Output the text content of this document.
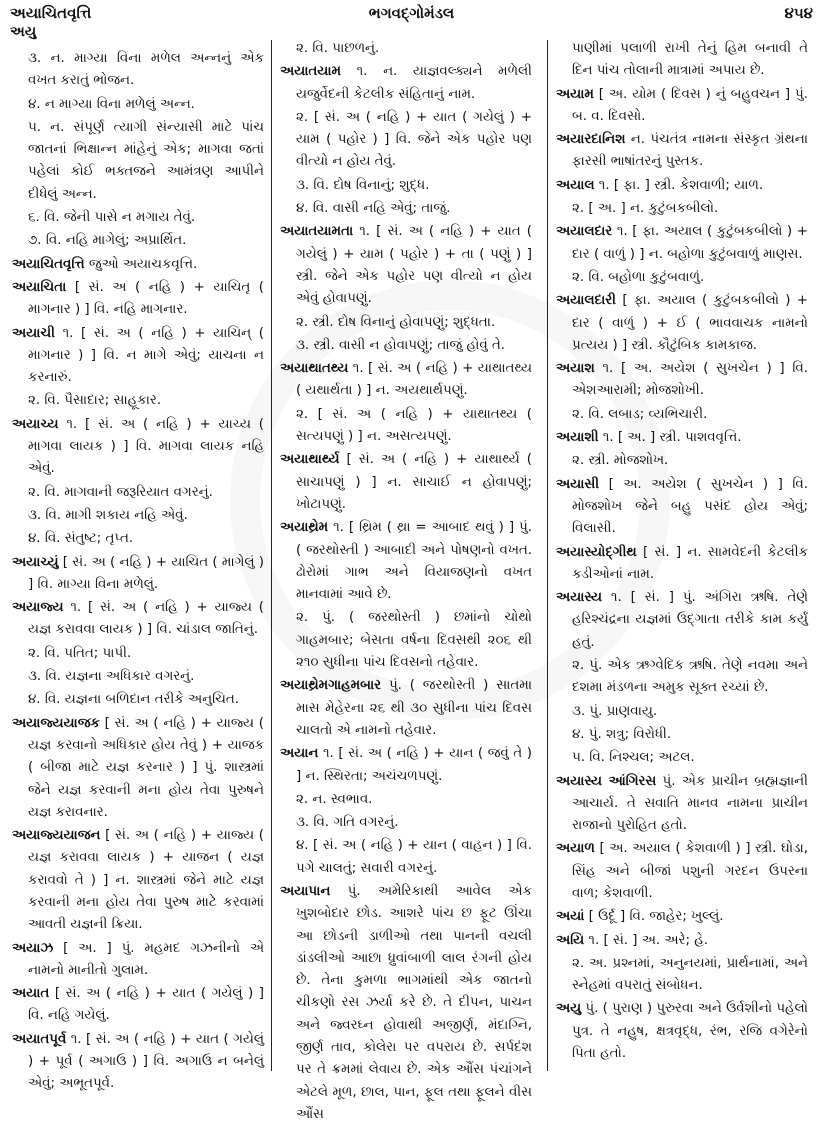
અયાચિતવૃત્તિ	ભગવદ્ગોમંડલ	૪૫૪
અયુ
૩. ન. માગ્યા વિના મળેલ અન્નનું એક વખત કરાતું ભોજન.
૪. ન માગ્યા વિના મળેલું અન્ન.
૫. ન. સંપૂર્ણ ત્યાગી સંન્યાસી માટે પાંચ જાતનાં ભિક્ષાન્ન માંહેનું એક; માગવા જતાં પહેલાં કોઈ ભક્તજને આમંત્રણ આપીને દીધેલું અન્ન.
૬. વિ. જેની પાસે ન મગાય તેવું.
૭. વિ. નહિ માગેલું; અપ્રાર્થિત.
અયાચિતવૃત્તિ જુઓ અયાચકવૃત્તિ.
અયાચિતા [ સં. અ ( નહિ ) + યાચિતૃ ( માગનાર ) ] વિ. નહિ માગનાર.
અયાચી ૧. [ સં. અ ( નહિ ) + યાચિન્ ( માગનાર ) ] વિ. ન માગે એવું; યાચના ન કરનારું.
૨. વિ. પૈસાદાર; સાહૂકાર.
અયાચ્ય ૧. [ સં. અ ( નહિ ) + યાચ્ય ( માગવા લાયક ) ] વિ. માગવા લાયક નહિ એવું.
૨. વિ. માગવાની જરૂરિયાત વગરનું.
૩. વિ. માગી શકાય નહિ એવું.
૪. વિ. સંતુષ્ટ; તૃપ્ત.
અયાચ્યું [ સં. અ ( નહિ ) + યાચિત ( માગેલું ) ] વિ. માગ્યા વિના મળેલું.
અયાજ્ય ૧. [ સં. અ ( નહિ ) + યાજ્ય ( યજ્ઞ કરાવવા લાયક ) ] વિ. ચાંડાલ જાતિનું.
૨. વિ. પતિત; પાપી.
૩. વિ. યજ્ઞના અધિકાર વગરનું.
૪. વિ. યજ્ઞના બળિદાન તરીકે અનુચિત.
અયાજ્યયાજક [ સં. અ ( નહિ ) + યાજ્ય ( યજ્ઞ કરવાનો અધિકાર હોય તેવું ) + યાજક ( બીજા માટે યજ્ઞ કરનાર ) ] પું. શાસ્ત્રમાં જેને યજ્ઞ કરવાની મના હોય તેવા પુરુષને યજ્ઞ કરાવનાર.
અયાજ્યયાજન [ સં. અ ( નહિ ) + યાજ્ય ( યજ્ઞ કરાવવા લાયક ) + યાજન ( યજ્ઞ કરાવવો તે ) ] ન. શાસ્ત્રમાં જેને માટે યજ્ઞ કરવાની મના હોય તેવા પુરુષ માટે કરવામાં આવતી યજ્ઞની ક્રિયા.
અયાઝ [ અ. ] પું. મહમદ ગઝનીનો એ નામનો માનીતો ગુલામ.
અયાત [ સં. અ ( નહિ ) + યાત ( ગયેલું ) ] વિ. નહિ ગયેલું.
અયાતપૂર્વ ૧. [ સં. અ ( નહિ ) + યાત ( ગયેલું ) + પૂર્વ ( અગાઉ ) ] વિ. અગાઉ ન બનેલું એવું; અભૂતપૂર્વ.
૨. વિ. પાછળનું.
અયાતયામ ૧. ન. યાજ્ઞવલ્ક્યને મળેલી યજુર્વેદની કેટલીક સંહિતાનું નામ.
૨. [ સં. અ ( નહિ ) + યાત ( ગયેલું ) + યામ ( પહોર ) ] વિ. જેને એક પહોર પણ વીત્યો ન હોય તેવું.
૩. વિ. દોષ વિનાનું; શુદ્ધ.
૪. વિ. વાસી નહિ એવું; તાજું.
અયાતયામતા ૧. [ સં. અ ( નહિ ) + યાત ( ગયેલું ) + યામ ( પહોર ) + તા ( પણું ) ] સ્ત્રી. જેને એક પહોર પણ વીત્યો ન હોય એવું હોવાપણું.
૨. સ્ત્રી. દોષ વિનાનું હોવાપણું; શુદ્ધતા.
૩. સ્ત્રી. વાસી ન હોવાપણું; તાજું હોવું તે.
અયાથાતથ્ય ૧. [ સં. અ ( નહિ ) + યાથાતથ્ય ( યથાર્થતા ) ] ન. અયથાર્થપણું.
૨. [ સં. અ ( નહિ ) + યાથાતથ્ય ( સત્યપણું ) ] ન. અસત્યપણું.
અયાથાર્થ્ય [ સં. અ ( નહિ ) + યાથાર્થ્ય ( સાચાપણું ) ] ન. સાચાઈ ન હોવાપણું; ખોટાપણું.
અયાથ્રેમ ૧. [ થ્રિમ ( થ્રા = આબાદ થવું ) ] પું. ( જરથોસ્તી ) આબાદી અને પોષણનો વખત. ઢોરોમાં ગાભ અને વિયાજણનો વખત માનવામાં આવે છે.
૨. પું. ( જરથોસ્તી ) છમાંનો ચોથો ગાહમબાર; બેસતા વર્ષના દિવસથી ૨૦૬ થી ૨૧૦ સુધીના પાંચ દિવસનો તહેવાર.
અયાથ્રેમગાહમબાર પું. ( જરથોસ્તી ) સાતમા માસ મેહેરના ૨૬ થી ૩૦ સુધીના પાંચ દિવસ ચાલતો એ નામનો તહેવાર.
અયાન ૧. [ સં. અ ( નહિ ) + યાન ( જવું તે ) ] ન. સ્થિરતા; અચંચળપણું.
૨. ન. સ્વભાવ.
૩. વિ. ગતિ વગરનું.
૪. [ સં. અ ( નહિ ) + યાન ( વાહન ) ] વિ. પગે ચાલતું; સવારી વગરનું.
અયાપાન પું. અમેરિકાથી આવેલ એક ખુશબોદાર છોડ. આશરે પાંચ છ ફૂટ ઊંચા આ છોડની ડાળીઓ તથા પાનની વચલી ડાંડલીઓ આછા ધ્રુવાંબાળી લાલ રંગની હોય છે. તેના કુમળા ભાગમાંથી એક જાતનો ચીકણો રસ ઝર્યા કરે છે. તે દીપન, પાચન અને જ્વરઘ્ન હોવાથી અજીર્ણ, મંદાગ્નિ, જીર્ણ તાવ, કોલેરા પર વપરાય છે. સર્પદંશ પર તે ક્રમમાં લેવાય છે. એક ઔંસ પંચાંગને એટલે મૂળ, છાલ, પાન, ફૂલ તથા ફૂલને વીસ ઔંસ
પાણીમાં પલાળી રાખી તેનું હિમ બનાવી તે દિન પાંચ તોલાની માત્રામાં અપાય છે.
અયામ [ અ. યોમ ( દિવસ ) નું બહુવચન ] પું. બ. વ. દિવસો.
અયારદાનિશ ન. પંચતંત્ર નામના સંસ્કૃત ગ્રંથના ફારસી ભાષાંતરનું પુસ્તક.
અયાલ ૧. [ ફા. ] સ્ત્રી. કેશવાળી; યાળ.
૨. [ અ. ] ન. કુટુંબકબીલો.
અયાલદાર ૧. [ ફા. અયાલ ( કુટુંબકબીલો ) + દાર ( વાળું ) ] ન. બહોળા કુટુંબવાળું માણસ.
૨. વિ. બહોળા કુટુંબવાળું.
અયાલદારી [ ફા. અયાલ ( કુટુંબકબીલો ) + દાર ( વાળું ) + ઈ ( ભાવવાચક નામનો પ્રત્યય ) ] સ્ત્રી. કૌટુંબિક કામકાજ.
અયાશ ૧. [ અ. અયેશ ( સુખચેન ) ] વિ. એશઆરામી; મોજશોખી.
૨. વિ. લબાડ; વ્યભિચારી.
અયાશી ૧. [ અ. ] સ્ત્રી. પાશવવૃત્તિ.
૨. સ્ત્રી. મોજશોખ.
અયાસી [ અ. અયેશ ( સુખચેન ) ] વિ. મોજશોખ જેને બહુ પસંદ હોય એવું; વિલાસી.
અયાસ્યોદ્ગીથ [ સં. ] ન. સામવેદની કેટલીક કડીઓનાં નામ.
અયાસ્ય ૧. [ સં. ] પું. અંગિરા ઋષિ. તેણે હરિશ્ચંદ્રના યજ્ઞમાં ઉદ્ગાતા તરીકે કામ કર્યું હતું.
૨. પું. એક ઋગ્વેદિક ઋષિ. તેણે નવમા અને દશમા મંડળના અમુક સૂક્ત રચ્યાં છે.
૩. પું. પ્રાણવાયુ.
૪. પું. શત્રુ; વિરોધી.
૫. વિ. નિશ્ચલ; અટલ.
અયાસ્ય આંગિરસ પું. એક પ્રાચીન બ્રહ્મજ્ઞાની આચાર્ય. તે સવાતિ માનવ નામના પ્રાચીન રાજાનો પુરોહિત હતો.
અયાળ [ અ. અયાલ ( કેશવાળી ) ] સ્ત્રી. ઘોડા, સિંહ અને બીજાં પશુની ગરદન ઉપરના વાળ; કેશવાળી.
અયાં [ ઉર્દૂ ] વિ. જાહેર; ખુલ્લું.
અયિ ૧. [ સં. ] અ. અરે; હે.
૨. અ. પ્રશ્નમાં, અનુનયમાં, પ્રાર્થનામાં, અને સ્નેહમાં વપરાતું સંબોધન.
અયુ પું. ( પુરાણ ) પુરુરવા અને ઉર્વશીનો પહેલો પુત્ર. તે નહુષ, ક્ષત્રવૃદ્ધ, રંભ, રજિ વગેરેનો પિતા હતો.
